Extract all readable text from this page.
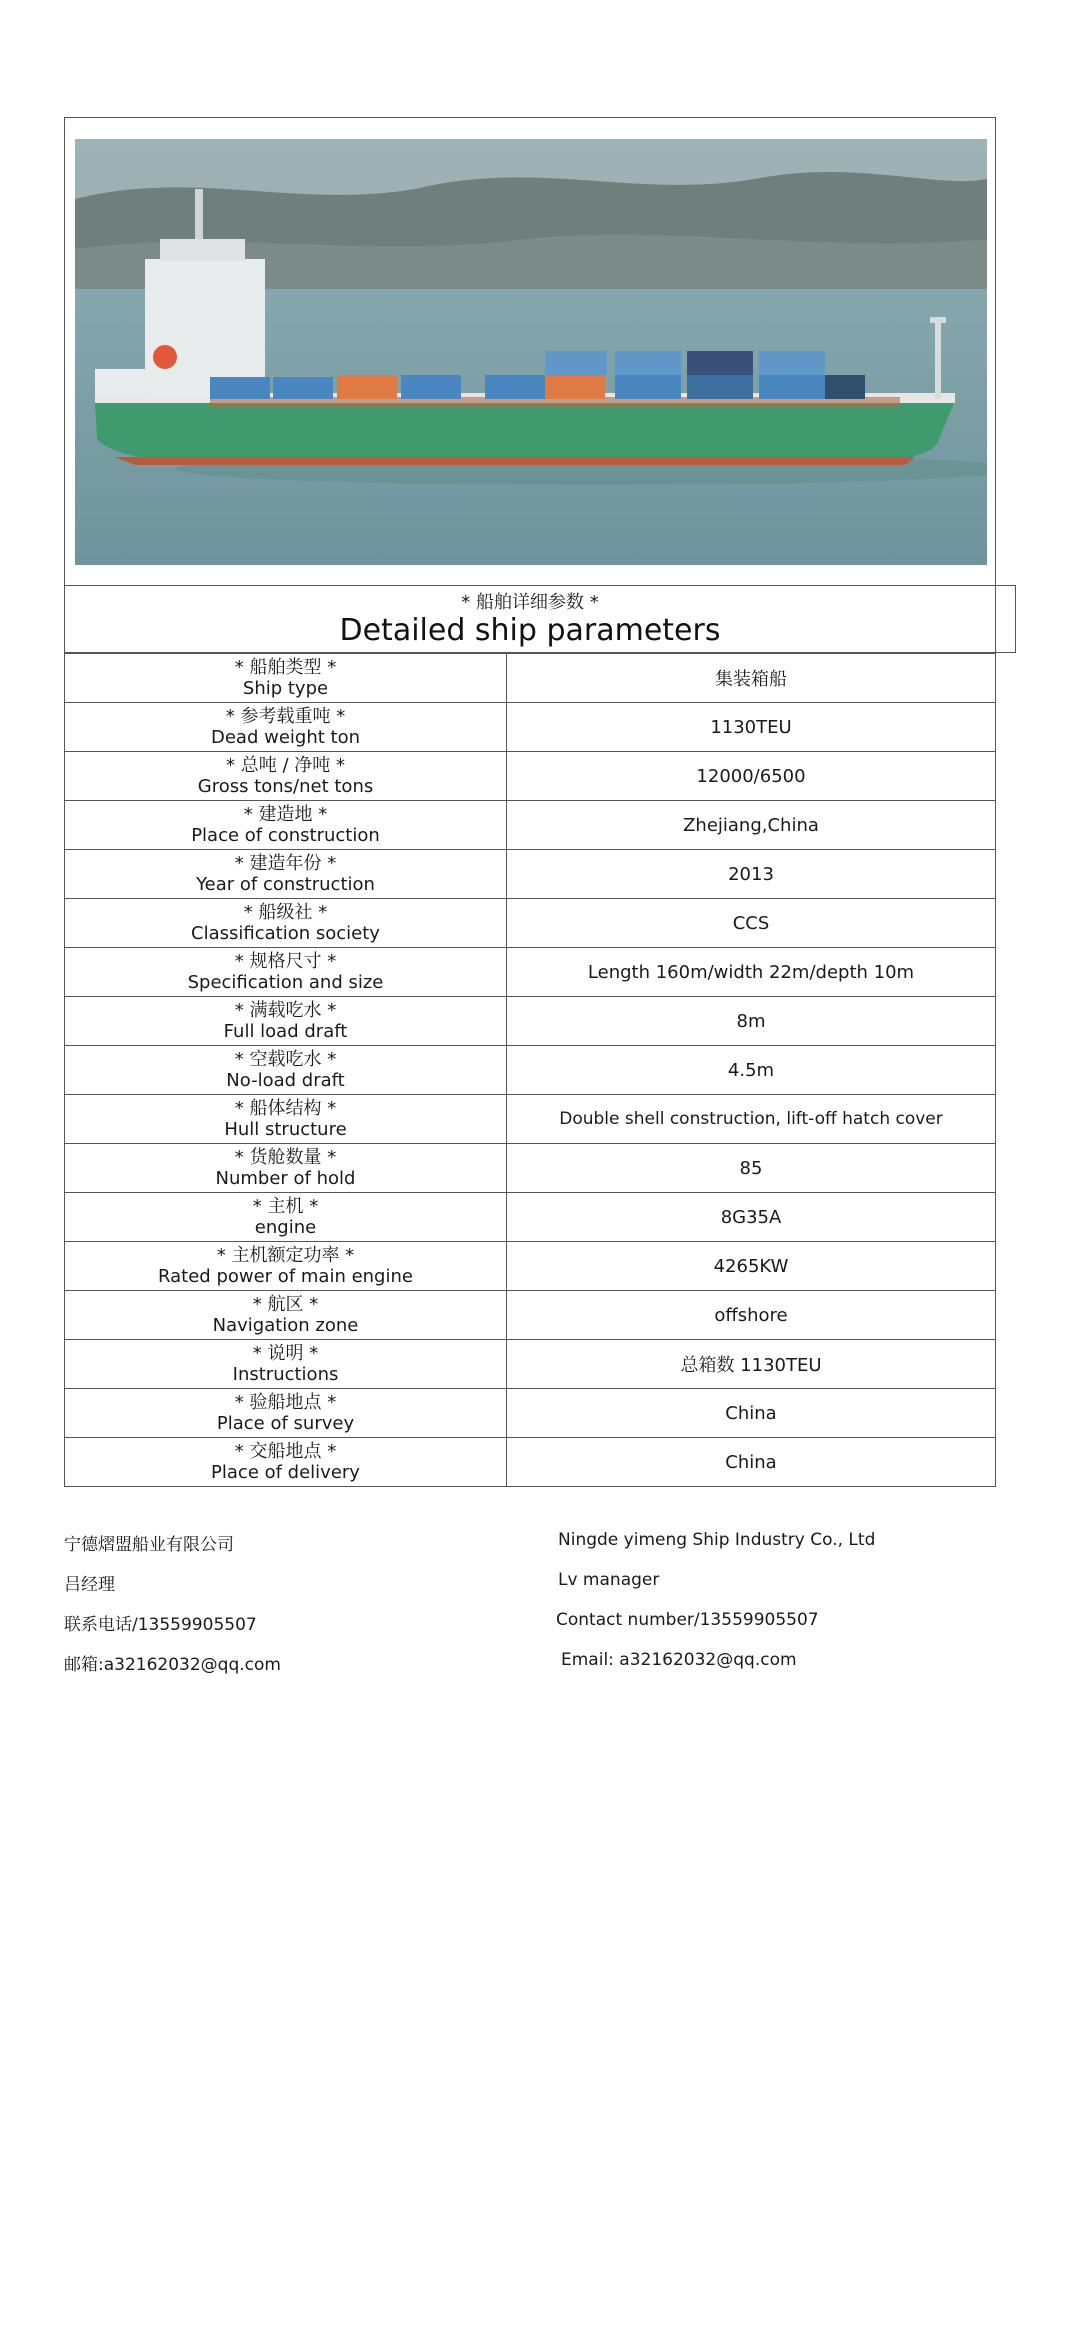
* 船舶详细参数 *
Detailed ship parameters
* 船舶类型 *
Ship type	集装箱船

* 参考载重吨 *
Dead weight ton	1130TEU

* 总吨 / 净吨 *
Gross tons/net tons	12000/6500

* 建造地 *
Place of construction	Zhejiang,China

* 建造年份 *
Year of construction	2013

* 船级社 *
Classification society	CCS

* 规格尺寸 *
Specification and size	Length 160m/width 22m/depth 10m

* 满载吃水 *
Full load draft	8m

* 空载吃水 *
No-load draft	4.5m

* 船体结构 *
Hull structure	Double shell construction, lift-off hatch cover

* 货舱数量 *
Number of hold	85

* 主机 *
engine	8G35A

* 主机额定功率 *
Rated power of main engine	4265KW

* 航区 *
Navigation zone	offshore

* 说明 *
Instructions	总箱数 1130TEU

* 验船地点 *
Place of survey	China

* 交船地点 *
Place of delivery	China
宁德熠盟船业有限公司	Ningde yimeng Ship Industry Co., Ltd
吕经理	Lv manager
联系电话/13559905507	Contact number/13559905507
邮箱:a32162032@qq.com	Email: a32162032@qq.com
